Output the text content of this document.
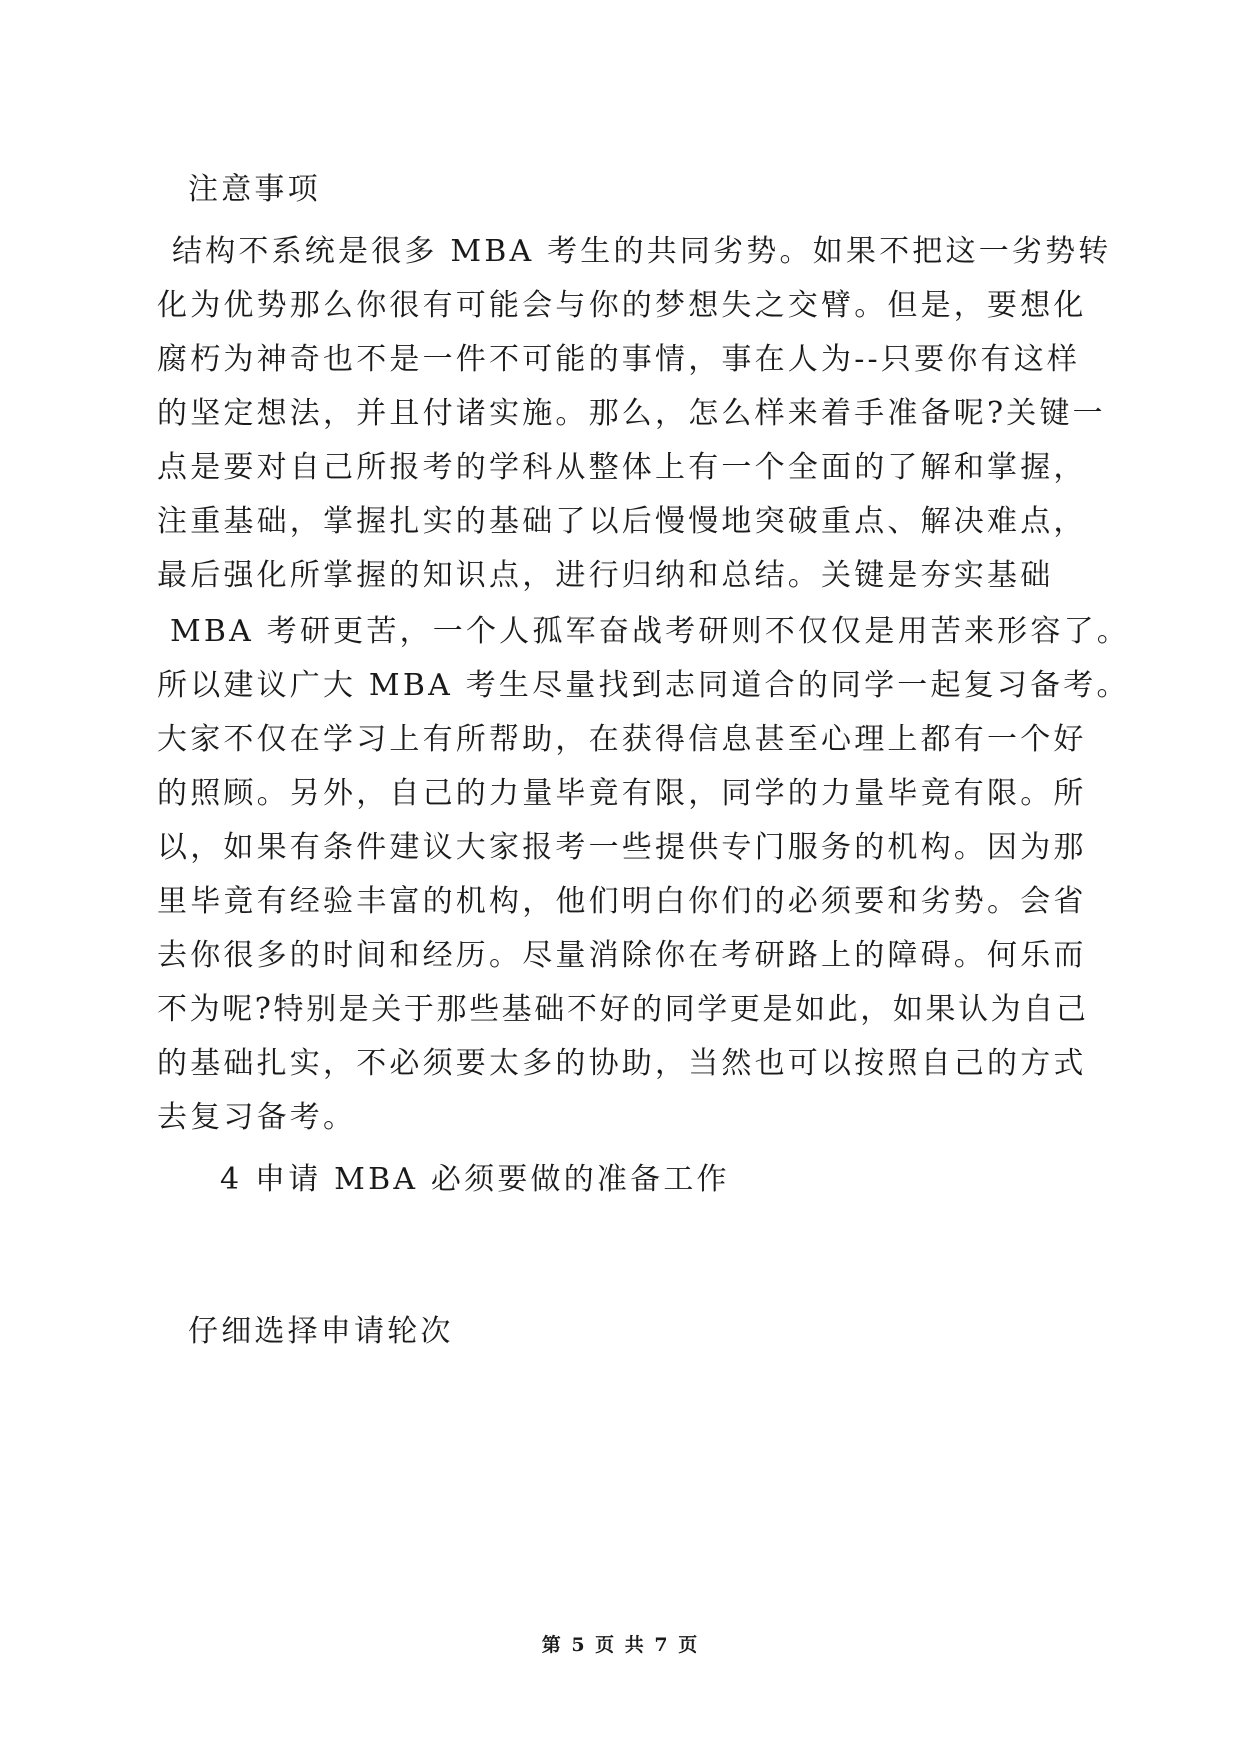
注意事项
结构不系统是很多 MBA 考生的共同劣势。如果不把这一劣势转
化为优势那么你很有可能会与你的梦想失之交臂。但是，要想化
腐朽为神奇也不是一件不可能的事情，事在人为--只要你有这样
的坚定想法，并且付诸实施。那么，怎么样来着手准备呢?关键一
点是要对自己所报考的学科从整体上有一个全面的了解和掌握，
注重基础，掌握扎实的基础了以后慢慢地突破重点、解决难点，
最后强化所掌握的知识点，进行归纳和总结。关键是夯实基础
MBA 考研更苦，一个人孤军奋战考研则不仅仅是用苦来形容了。
所以建议广大 MBA 考生尽量找到志同道合的同学一起复习备考。
大家不仅在学习上有所帮助，在获得信息甚至心理上都有一个好
的照顾。另外，自己的力量毕竟有限，同学的力量毕竟有限。所
以，如果有条件建议大家报考一些提供专门服务的机构。因为那
里毕竟有经验丰富的机构，他们明白你们的必须要和劣势。会省
去你很多的时间和经历。尽量消除你在考研路上的障碍。何乐而
不为呢?特别是关于那些基础不好的同学更是如此，如果认为自己
的基础扎实，不必须要太多的协助，当然也可以按照自己的方式
去复习备考。
4 申请 MBA 必须要做的准备工作
仔细选择申请轮次
第 5 页 共 7 页
